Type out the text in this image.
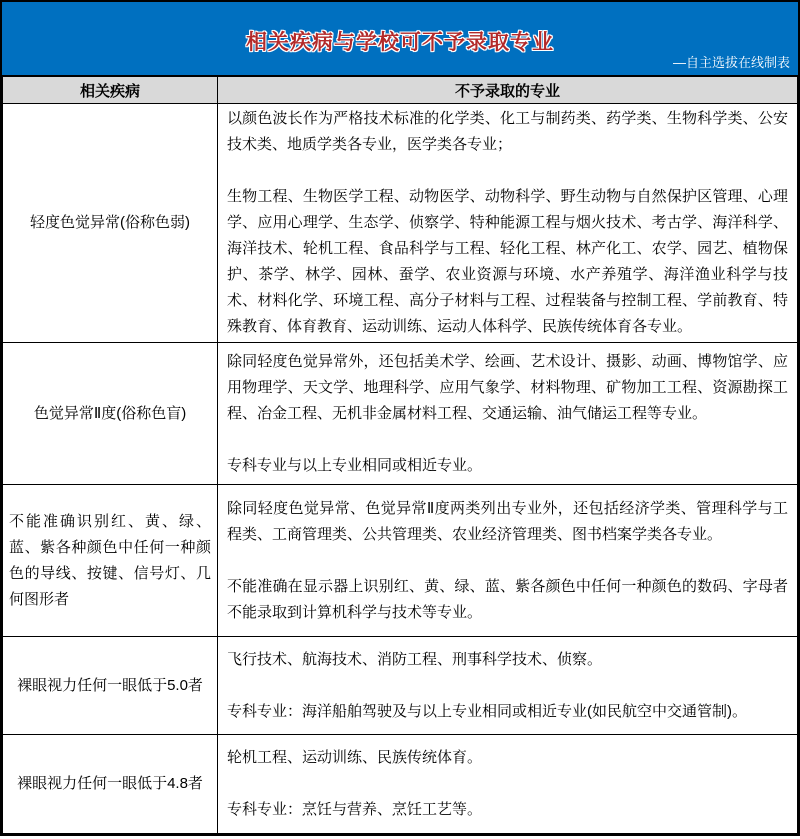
相关疾病与学校可不予录取专业
—自主选拔在线制表
相关疾病	不予录取的专业
轻度色觉异常(俗称色弱)	以颜色波长作为严格技术标准的化学类、化工与制药类、药学类、生物科学类、公安技术类、地质学类各专业，医学类各专业；

生物工程、生物医学工程、动物医学、动物科学、野生动物与自然保护区管理、心理学、应用心理学、生态学、侦察学、特种能源工程与烟火技术、考古学、海洋科学、海洋技术、轮机工程、食品科学与工程、轻化工程、林产化工、农学、园艺、植物保护、茶学、林学、园林、蚕学、农业资源与环境、水产养殖学、海洋渔业科学与技术、材料化学、环境工程、高分子材料与工程、过程装备与控制工程、学前教育、特殊教育、体育教育、运动训练、运动人体科学、民族传统体育各专业。

色觉异常Ⅱ度(俗称色盲)	除同轻度色觉异常外，还包括美术学、绘画、艺术设计、摄影、动画、博物馆学、应用物理学、天文学、地理科学、应用气象学、材料物理、矿物加工工程、资源勘探工程、冶金工程、无机非金属材料工程、交通运输、油气储运工程等专业。

专科专业与以上专业相同或相近专业。

不能准确识别红、黄、绿、蓝、紫各种颜色中任何一种颜色的导线、按键、信号灯、几何图形者	除同轻度色觉异常、色觉异常Ⅱ度两类列出专业外，还包括经济学类、管理科学与工程类、工商管理类、公共管理类、农业经济管理类、图书档案学类各专业。

不能准确在显示器上识别红、黄、绿、蓝、紫各颜色中任何一种颜色的数码、字母者不能录取到计算机科学与技术等专业。

裸眼视力任何一眼低于5.0者	飞行技术、航海技术、消防工程、刑事科学技术、侦察。

专科专业：海洋船舶驾驶及与以上专业相同或相近专业(如民航空中交通管制)。

裸眼视力任何一眼低于4.8者	轮机工程、运动训练、民族传统体育。

专科专业：烹饪与营养、烹饪工艺等。
